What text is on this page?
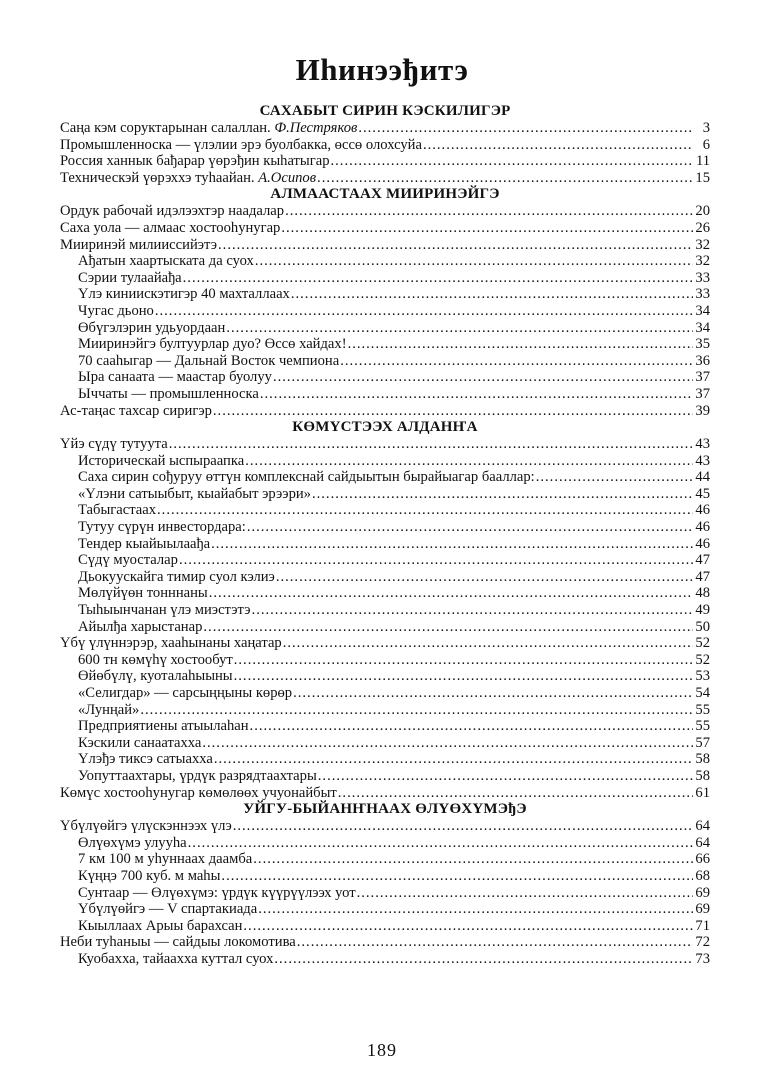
Иhинээђитэ
САХАБЫТ СИРИН КЭСКИЛИГЭР
Саңа кэм соруктарынан салаллан. Ф.Пестряков .....	3
Промышленноска — үлэлии эрэ буолбакка, өссө олохсуйа .....	6
Россия ханнык бађарар үөрэђин кыһатыгар .....	11
Техническэй үөрэххэ туһаайан. А.Осипов .....	15
АЛМААСТААХ МИИРИНЭЙГЭ
Ордук рабочай идэлээхтэр наадалар .....	20
Саха уола — алмаас хостооһунугар .....	26
Мииринэй милииссийэтэ .....	32
Ађатын хаартыската да суох .....	32
Сэрии тулаайађа .....	33
Үлэ киниискэтигэр 40 махталлаах .....	33
Чугас дьоно .....	34
Өбүгэлэрин удьуордаан .....	34
Мииринэйгэ бултуурлар дуо? Өссө хайдах! .....	35
70 сааһыгар — Дальнай Восток чемпиона .....	36
Ыра санаата — маастар буолуу .....	37
Ыччаты — промышленноска .....	37
Ас-таңас тахсар сиригэр .....	39
КӨМҮСТЭЭХ АЛДАНҤА
Үйэ сүдү тутуута .....	43
Историческай ыспыраапка .....	43
Саха сирин сођуруу өттүн комплекснай сайдыытын бырайыагар бааллар: .....	44
«Үлэни сатыыбыт, кыайабыт эрээри» .....	45
Табыгастаах .....	46
Тутуу сүрүн инвестордара: .....	46
Тендер кыайыылаађа .....	46
Сүдү муосталар .....	47
Дьокуускайга тимир суол кэлиэ .....	47
Мөлүйүөн тонннаны .....	48
Тыһыынчанан үлэ миэстэтэ .....	49
Айылђа харыстанар .....	50
Үбү үлүннэрэр, хааһынаны хаңатар .....	52
600 тн көмүһү хостообут .....	52
Өйөбүлү, куоталаһыыны .....	53
«Селигдар» — сарсыңңыны көрөр .....	54
«Лунңай» .....	55
Предприятиены атыылаһан .....	55
Кэскили санаатахха .....	57
Үлэђэ тиксэ сатыахха .....	58
Уопуттаахтары, үрдүк разрядтаахтары .....	58
Көмүс хостооһунугар көмөлөөх учуонайбыт .....	61
УЙГУ-БЫЙАНҤНААХ ӨЛҮӨХҮМЭђЭ
Үбүлүөйгэ үлүскэннээх үлэ .....	64
Өлүөхүмэ улууһа .....	64
7 км 100 м уһуннаах даамба .....	66
Күңңэ 700 куб. м маһы .....	68
Сунтаар — Өлүөхүмэ: үрдүк күүрүүлээх уот .....	69
Үбүлүөйгэ — V спартакиада .....	69
Кыыллаах Арыы барахсан .....	71
Неби туһаныы — сайдыы локомотива .....	72
Куобахха, тайаахха куттал суох .....	73
189
